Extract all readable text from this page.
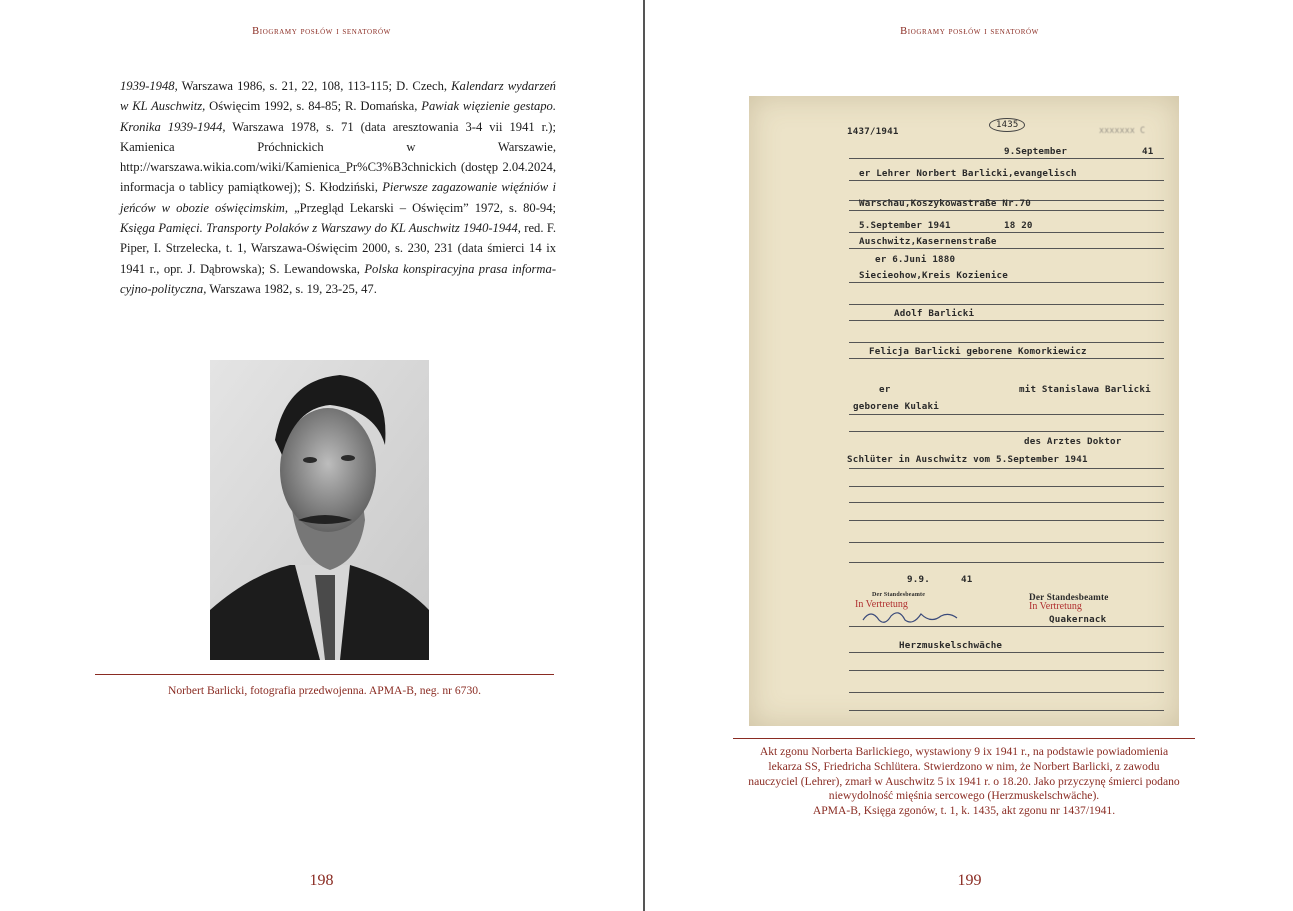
Biogramy posłów i senatorów
1939-1948, Warszawa 1986, s. 21, 22, 108, 113-115; D. Czech, Kalendarz wydarzeń w KL Auschwitz, Oświęcim 1992, s. 84-85; R. Domańska, Pawiak więzienie gestapo. Kronika 1939-1944, Warszawa 1978, s. 71 (data aresztowania 3-4 vii 1941 r.); Kamienica Próchnickich w Warszawie, http://warszawa.wikia.com/wiki/Kamienica_Pr%C3%B3chnickich (dostęp 2.04.2024, informacja o tablicy pamiątkowej); S. Kłodziński, Pierwsze zagazowanie więźniów i jeńców w obozie oświęcimskim, „Przegląd Lekarski – Oświęcim” 1972, s. 80-94; Księga Pamięci. Transporty Polaków z Warszawy do KL Auschwitz 1940-1944, red. F. Piper, I. Strzelecka, t. 1, Warszawa-Oświęcim 2000, s. 230, 231 (data śmierci 14 ix 1941 r., opr. J. Dąbrowska); S. Lewandowska, Polska konspiracyjna prasa informacyjno-polityczna, Warszawa 1982, s. 19, 23-25, 47.
Norbert Barlicki, fotografia przedwojenna. APMA-B, neg. nr 6730.
198
Biogramy posłów i senatorów
1437/1941
1435
xxxxxxx C
9.September	41
er Lehrer Norbert Barlicki,evangelisch
Warschau,Koszykowastraße Nr.70
5.September 1941	18 20
Auschwitz,Kasernenstraße
er 6.Juni 1880
Siecieohow,Kreis Kozienice
Adolf Barlicki
Felicja Barlicki geborene Komorkiewicz
er	mit Stanislawa Barlicki
geborene Kulaki
des Arztes Doktor
Schlüter in Auschwitz vom 5.September 1941
9.9.	41
Der Standesbeamte	Der Standesbeamte
In Vertretung	In Vertretung
Quakernack
Herzmuskelschwäche
Akt zgonu Norberta Barlickiego, wystawiony 9 ix 1941 r., na podstawie powiadomienia
lekarza SS, Friedricha Schlütera. Stwierdzono w nim, że Norbert Barlicki, z zawodu
nauczyciel (Lehrer), zmarł w Auschwitz 5 ix 1941 r. o 18.20. Jako przyczynę śmierci podano
niewydolność mięśnia sercowego (Herzmuskelschwäche).
APMA-B, Księga zgonów, t. 1, k. 1435, akt zgonu nr 1437/1941.
199
